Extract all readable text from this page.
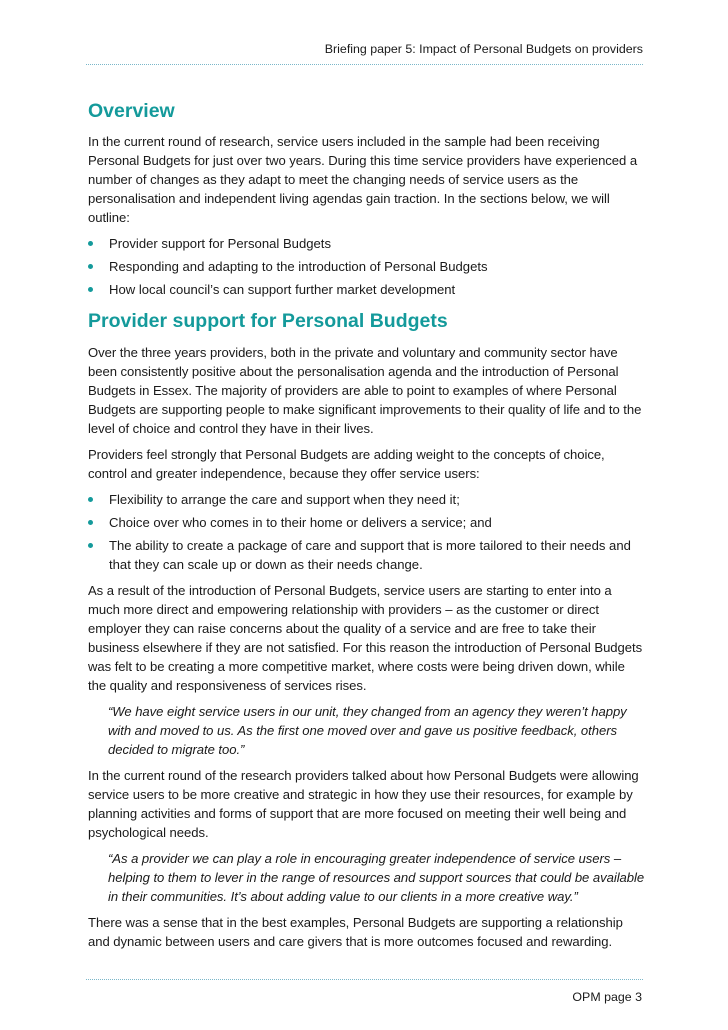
Briefing paper 5: Impact of Personal Budgets on providers
Overview

In the current round of research, service users included in the sample had been receiving Personal Budgets for just over two years. During this time service providers have experienced a number of changes as they adapt to meet the changing needs of service users as the personalisation and independent living agendas gain traction. In the sections below, we will outline:

Provider support for Personal Budgets
Responding and adapting to the introduction of Personal Budgets
How local council’s can support further market development
Provider support for Personal Budgets

Over the three years providers, both in the private and voluntary and community sector have been consistently positive about the personalisation agenda and the introduction of Personal Budgets in Essex. The majority of providers are able to point to examples of where Personal Budgets are supporting people to make significant improvements to their quality of life and to the level of choice and control they have in their lives.

Providers feel strongly that Personal Budgets are adding weight to the concepts of choice, control and greater independence, because they offer service users:

Flexibility to arrange the care and support when they need it;
Choice over who comes in to their home or delivers a service; and
The ability to create a package of care and support that is more tailored to their needs and that they can scale up or down as their needs change.

As a result of the introduction of Personal Budgets, service users are starting to enter into a much more direct and empowering relationship with providers – as the customer or direct employer they can raise concerns about the quality of a service and are free to take their business elsewhere if they are not satisfied. For this reason the introduction of Personal Budgets was felt to be creating a more competitive market, where costs were being driven down, while the quality and responsiveness of services rises.

“We have eight service users in our unit, they changed from an agency they weren’t happy with and moved to us. As the first one moved over and gave us positive feedback, others decided to migrate too.”

In the current round of the research providers talked about how Personal Budgets were allowing service users to be more creative and strategic in how they use their resources, for example by planning activities and forms of support that are more focused on meeting their well being and psychological needs.

“As a provider we can play a role in encouraging greater independence of service users – helping to them to lever in the range of resources and support sources that could be available in their communities. It’s about adding value to our clients in a more creative way.”

There was a sense that in the best examples, Personal Budgets are supporting a relationship and dynamic between users and care givers that is more outcomes focused and rewarding.

OPM page 3
